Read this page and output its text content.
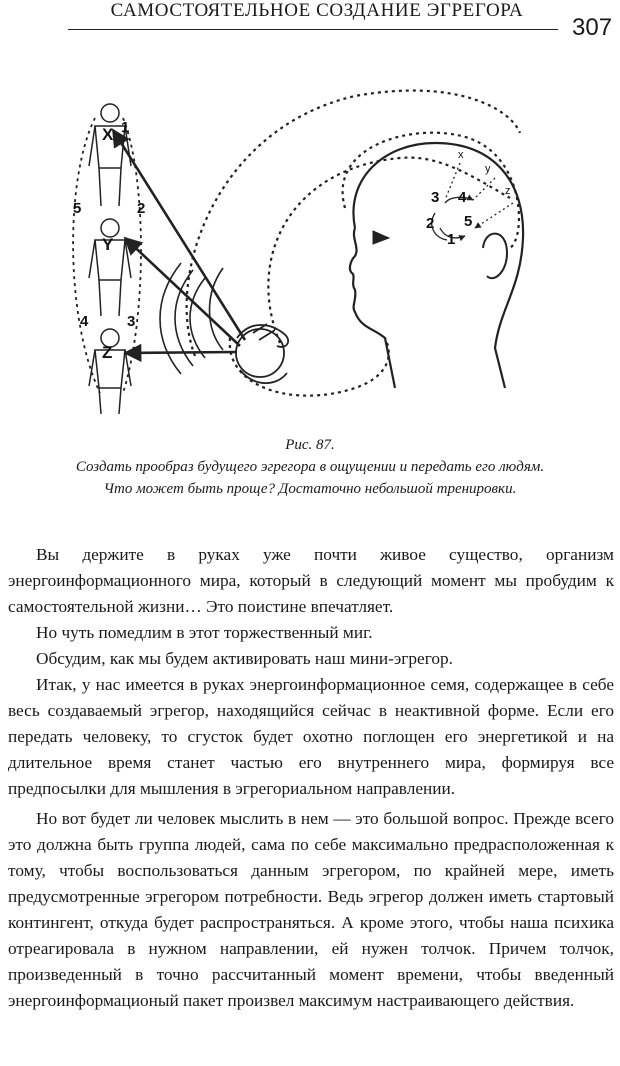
САМОСТОЯТЕЛЬНОЕ СОЗДАНИЕ ЭГРЕГОРА
307
X
Y
Z
1
2
3
4
5
x
y
z
1
2
3 4
5
Рис. 87.
Создать прообраз будущего эгрегора в ощущении и передать его людям.
Что может быть проще? Достаточно небольшой тренировки.

Вы держите в руках уже почти живое существо, организм энергоинформационного мира, который в следующий момент мы пробудим к самостоятельной жизни… Это поистине впечатляет.

Но чуть помедлим в этот торжественный миг.

Обсудим, как мы будем активировать наш мини-эгрегор.

Итак, у нас имеется в руках энергоинформационное семя, содержащее в себе весь создаваемый эгрегор, находящийся сейчас в неактивной форме. Если его передать человеку, то сгусток будет охотно поглощен его энергетикой и на длительное время станет частью его внутреннего мира, формируя все предпосылки для мышления в эгрегориальном направлении.

Но вот будет ли человек мыслить в нем — это большой вопрос. Прежде всего это должна быть группа людей, сама по себе максимально предрасположенная к тому, чтобы воспользоваться данным эгрегором, по крайней мере, иметь предусмотренные эгрегором потребности. Ведь эгрегор должен иметь стартовый контингент, откуда будет распространяться. А кроме этого, чтобы наша психика отреагировала в нужном направлении, ей нужен толчок. Причем толчок, произведенный в точно рассчитанный момент времени, чтобы введенный энергоинформационый пакет произвел максимум настраивающего действия.
